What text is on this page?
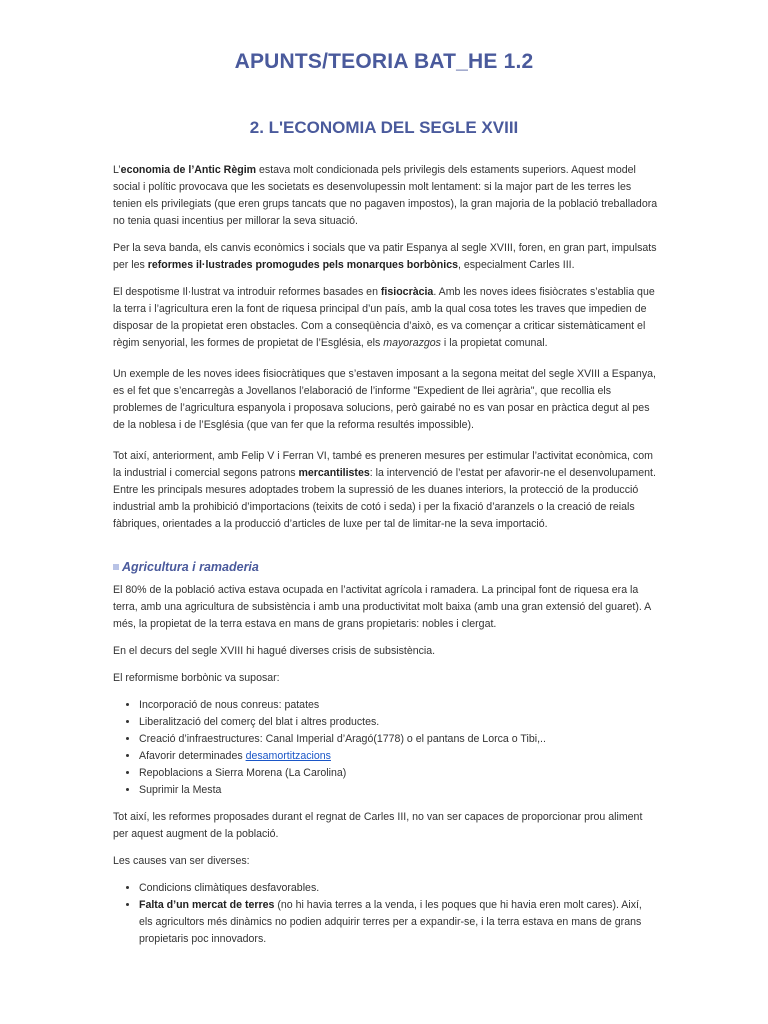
APUNTS/TEORIA BAT_HE 1.2
2. L'ECONOMIA DEL SEGLE XVIII

L’economia de l’Antic Règim estava molt condicionada pels privilegis dels estaments superiors. Aquest model social i polític provocava que les societats es desenvolupessin molt lentament: si la major part de les terres les tenien els privilegiats (que eren grups tancats que no pagaven impostos), la gran majoria de la població treballadora no tenia quasi incentius per millorar la seva situació.

Per la seva banda, els canvis econòmics i socials que va patir Espanya al segle XVIII, foren, en gran part, impulsats per les reformes il·lustrades promogudes pels monarques borbònics, especialment Carles III.

El despotisme Il·lustrat va introduir reformes basades en fisiocràcia. Amb les noves idees fisiòcrates s’establia que la terra i l’agricultura eren la font de riquesa principal d’un país, amb la qual cosa totes les traves que impedien de disposar de la propietat eren obstacles. Com a conseqüència d’això, es va començar a criticar sistemàticament el règim senyorial, les formes de propietat de l’Església, els mayorazgos i la propietat comunal.

Un exemple de les noves idees fisiocràtiques que s’estaven imposant a la segona meitat del segle XVIII a Espanya, es el fet que s’encarregàs a Jovellanos l’elaboració de l’informe "Expedient de llei agrària", que recollia els problemes de l’agricultura espanyola i proposava solucions, però gairabé no es van posar en pràctica degut al pes de la noblesa i de l’Església (que van fer que la reforma resultés impossible).

Tot així, anteriorment, amb Felip V i Ferran VI, també es preneren mesures per estimular l’activitat econòmica, com la industrial i comercial segons patrons mercantilistes: la intervenció de l’estat per afavorir-ne el desenvolupament. Entre les principals mesures adoptades trobem la supressió de les duanes interiors, la protecció de la producció industrial amb la prohibició d’importacions (teixits de cotó i seda) i per la fixació d’aranzels o la creació de reials fàbriques, orientades a la producció d’articles de luxe per tal de limitar-ne la seva importació.

Agricultura i ramaderia

El 80% de la població activa estava ocupada en l’activitat agrícola i ramadera. La principal font de riquesa era la terra, amb una agricultura de subsistència i amb una productivitat molt baixa (amb una gran extensió del guaret). A més, la propietat de la terra estava en mans de grans propietaris: nobles i clergat.

En el decurs del segle XVIII hi hagué diverses crisis de subsistència.

El reformisme borbònic va suposar:

• Incorporació de nous conreus: patates
• Liberalització del comerç del blat i altres productes.
• Creació d’infraestructures: Canal Imperial d’Aragó(1778) o el pantans de Lorca o Tibi,..
• Afavorir determinades desamortitzacions
• Repoblacions a Sierra Morena (La Carolina)
• Suprimir la Mesta

Tot així, les reformes proposades durant el regnat de Carles III, no van ser capaces de proporcionar prou aliment per aquest augment de la població.

Les causes van ser diverses:

• Condicions climàtiques desfavorables.
• Falta d’un mercat de terres (no hi havia terres a la venda, i les poques que hi havia eren molt cares). Així, els agricultors més dinàmics no podien adquirir terres per a expandir-se, i la terra estava en mans de grans propietaris poc innovadors.
